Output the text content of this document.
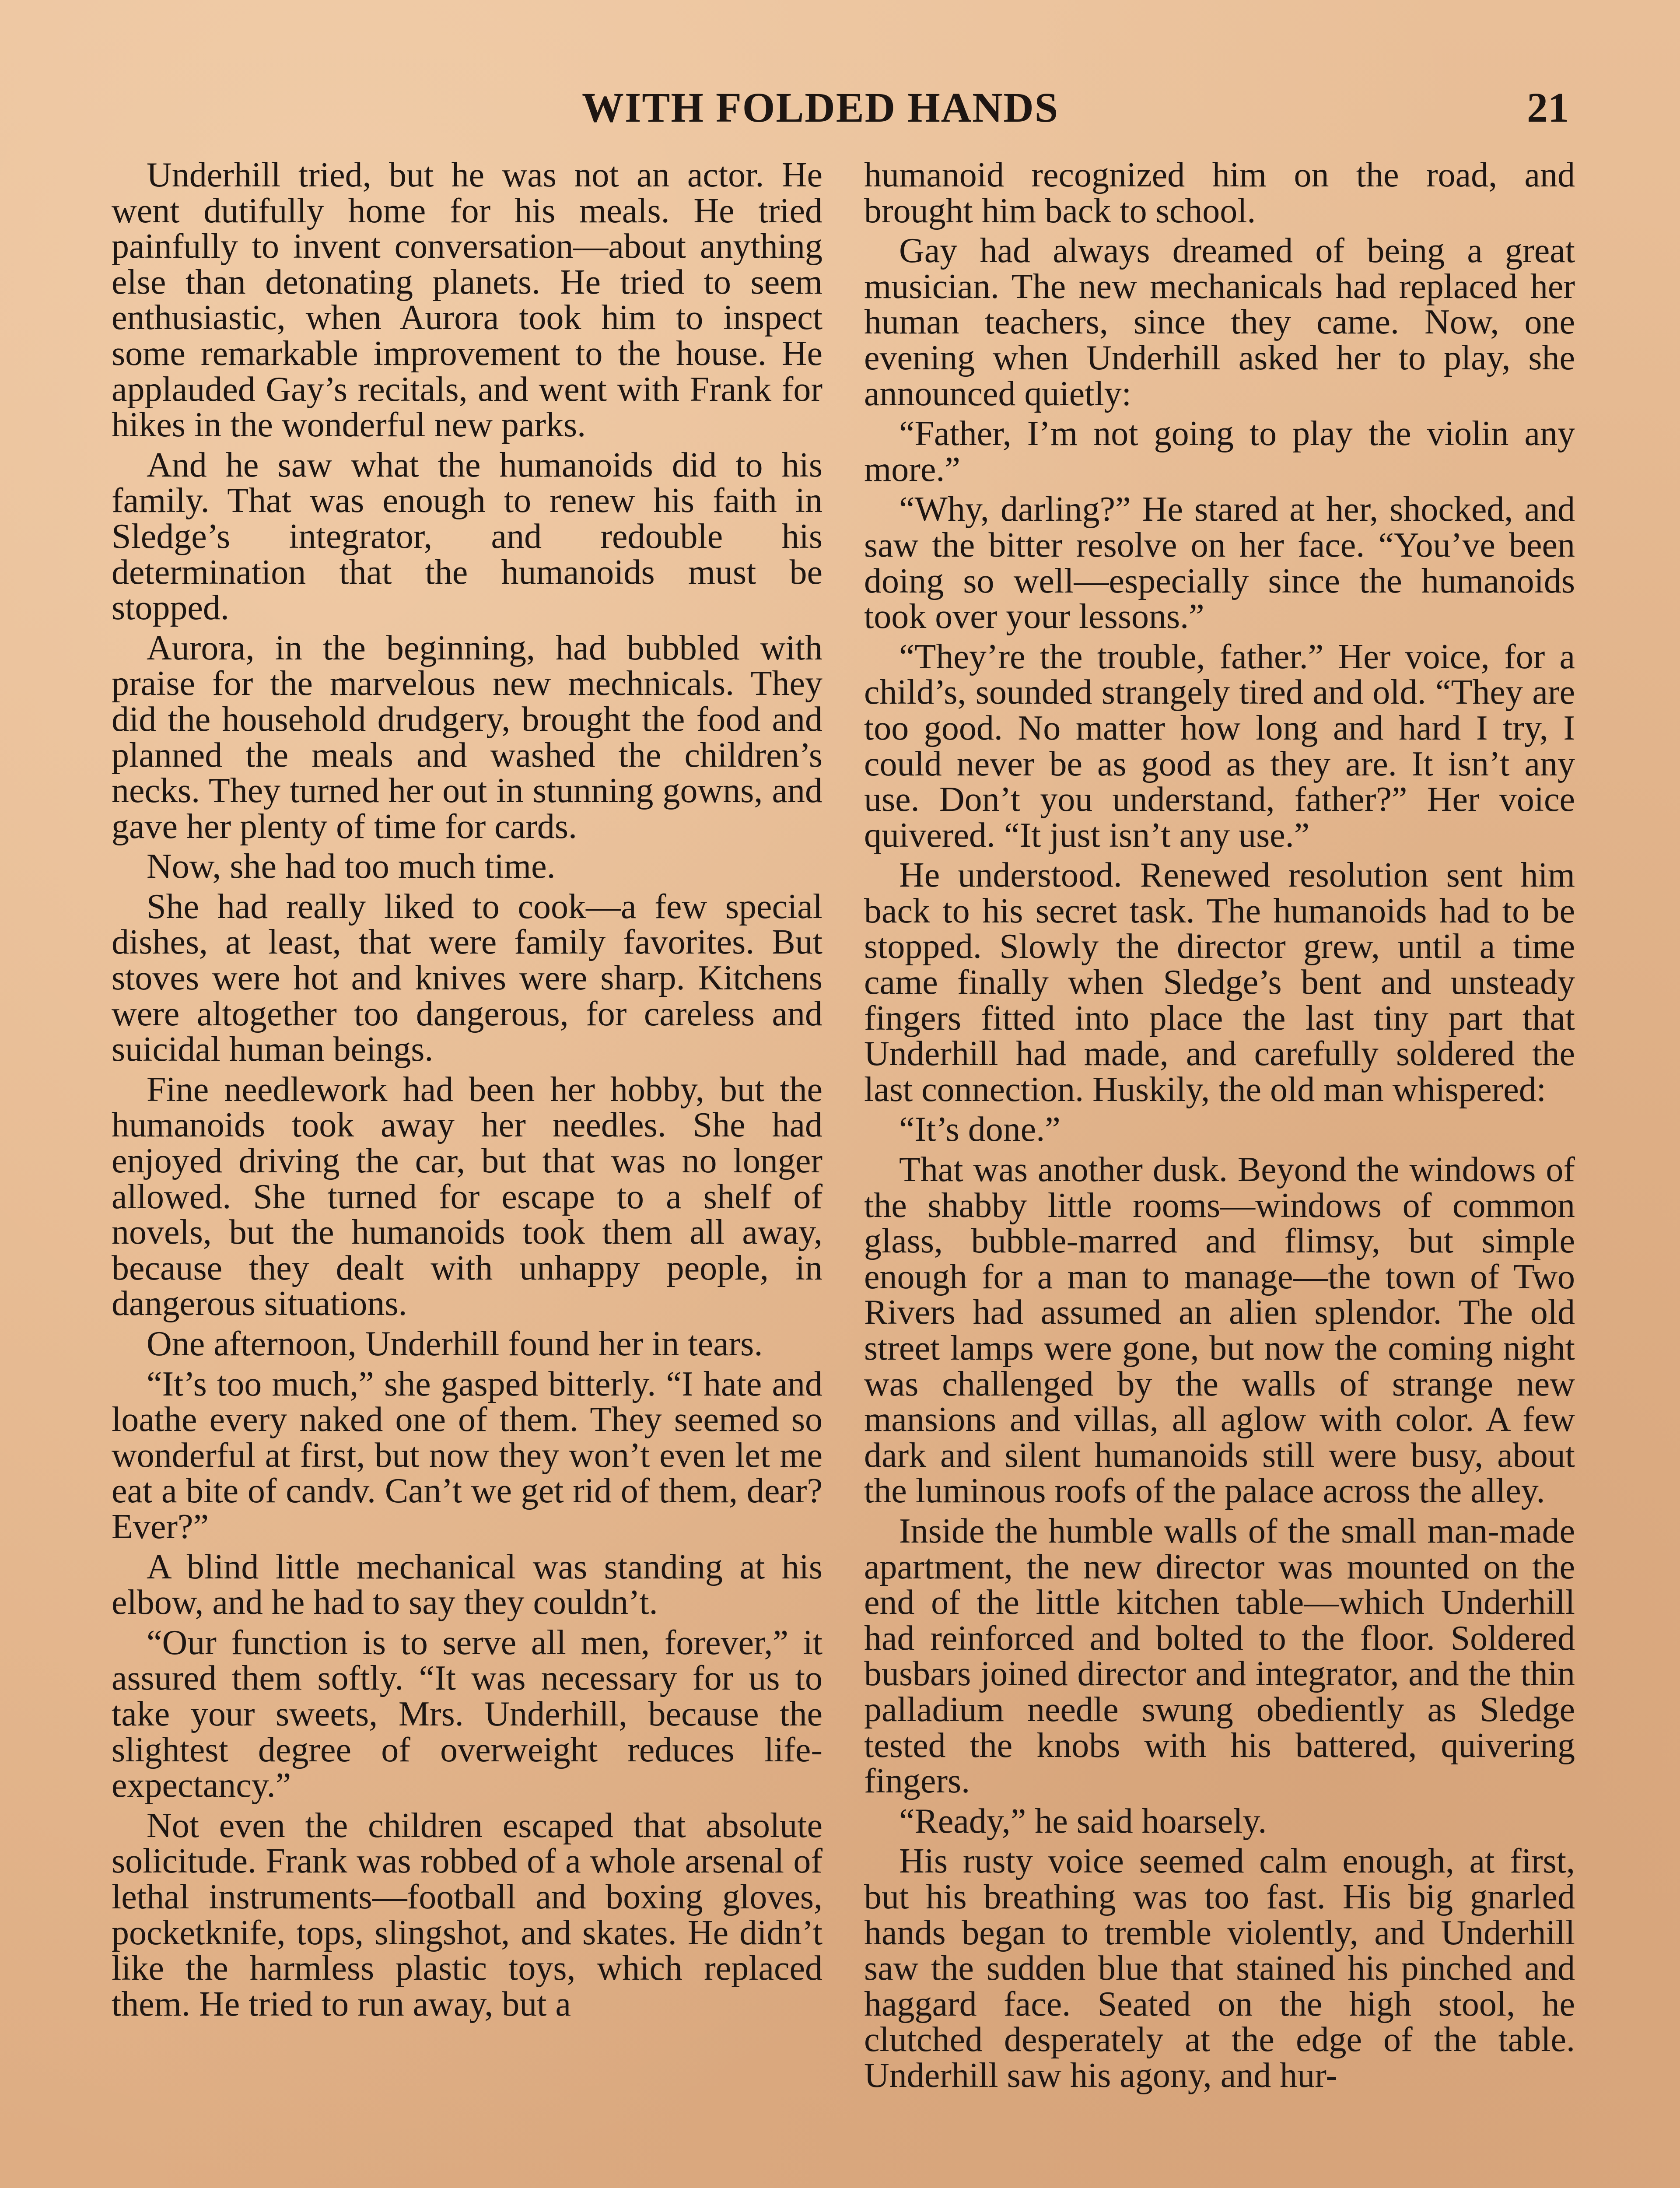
WITH FOLDED HANDS	21

Underhill tried, but he was not an actor. He went dutifully home for his meals. He tried painfully to invent conversation—about anything else than detonating planets. He tried to seem enthusiastic, when Aurora took him to inspect some remarkable improvement to the house. He applauded Gay’s recitals, and went with Frank for hikes in the wonderful new parks.

And he saw what the humanoids did to his family. That was enough to renew his faith in Sledge’s integrator, and redouble his determination that the humanoids must be stopped.

Aurora, in the beginning, had bubbled with praise for the marvelous new mechnicals. They did the household drudgery, brought the food and planned the meals and washed the children’s necks. They turned her out in stunning gowns, and gave her plenty of time for cards.

Now, she had too much time.

She had really liked to cook—a few special dishes, at least, that were family favorites. But stoves were hot and knives were sharp. Kitchens were altogether too dangerous, for careless and suicidal human beings.

Fine needlework had been her hobby, but the humanoids took away her needles. She had enjoyed driving the car, but that was no longer allowed. She turned for escape to a shelf of novels, but the humanoids took them all away, because they dealt with unhappy people, in dangerous situations.

One afternoon, Underhill found her in tears.

“It’s too much,” she gasped bitterly. “I hate and loathe every naked one of them. They seemed so wonderful at first, but now they won’t even let me eat a bite of candv. Can’t we get rid of them, dear? Ever?”

A blind little mechanical was standing at his elbow, and he had to say they couldn’t.

“Our function is to serve all men, forever,” it assured them softly. “It was necessary for us to take your sweets, Mrs. Underhill, because the slightest degree of overweight reduces life-expectancy.”

Not even the children escaped that absolute solicitude. Frank was robbed of a whole arsenal of lethal instruments—football and boxing gloves, pocketknife, tops, slingshot, and skates. He didn’t like the harmless plastic toys, which replaced them. He tried to run away, but a

humanoid recognized him on the road, and brought him back to school.

Gay had always dreamed of being a great musician. The new mechanicals had replaced her human teachers, since they came. Now, one evening when Underhill asked her to play, she announced quietly:

“Father, I’m not going to play the violin any more.”

“Why, darling?” He stared at her, shocked, and saw the bitter resolve on her face. “You’ve been doing so well—especially since the humanoids took over your lessons.”

“They’re the trouble, father.” Her voice, for a child’s, sounded strangely tired and old. “They are too good. No matter how long and hard I try, I could never be as good as they are. It isn’t any use. Don’t you understand, father?” Her voice quivered. “It just isn’t any use.”

He understood. Renewed resolution sent him back to his secret task. The humanoids had to be stopped. Slowly the director grew, until a time came finally when Sledge’s bent and unsteady fingers fitted into place the last tiny part that Underhill had made, and carefully soldered the last connection. Huskily, the old man whispered:

“It’s done.”

That was another dusk. Beyond the windows of the shabby little rooms—windows of common glass, bubble-marred and flimsy, but simple enough for a man to manage—the town of Two Rivers had assumed an alien splendor. The old street lamps were gone, but now the coming night was challenged by the walls of strange new mansions and villas, all aglow with color. A few dark and silent humanoids still were busy, about the luminous roofs of the palace across the alley.

Inside the humble walls of the small man-made apartment, the new director was mounted on the end of the little kitchen table—which Underhill had reinforced and bolted to the floor. Soldered busbars joined director and integrator, and the thin palladium needle swung obediently as Sledge tested the knobs with his battered, quivering fingers.

“Ready,” he said hoarsely.

His rusty voice seemed calm enough, at first, but his breathing was too fast. His big gnarled hands began to tremble violently, and Underhill saw the sudden blue that stained his pinched and haggard face. Seated on the high stool, he clutched desperately at the edge of the table. Underhill saw his agony, and hur-
